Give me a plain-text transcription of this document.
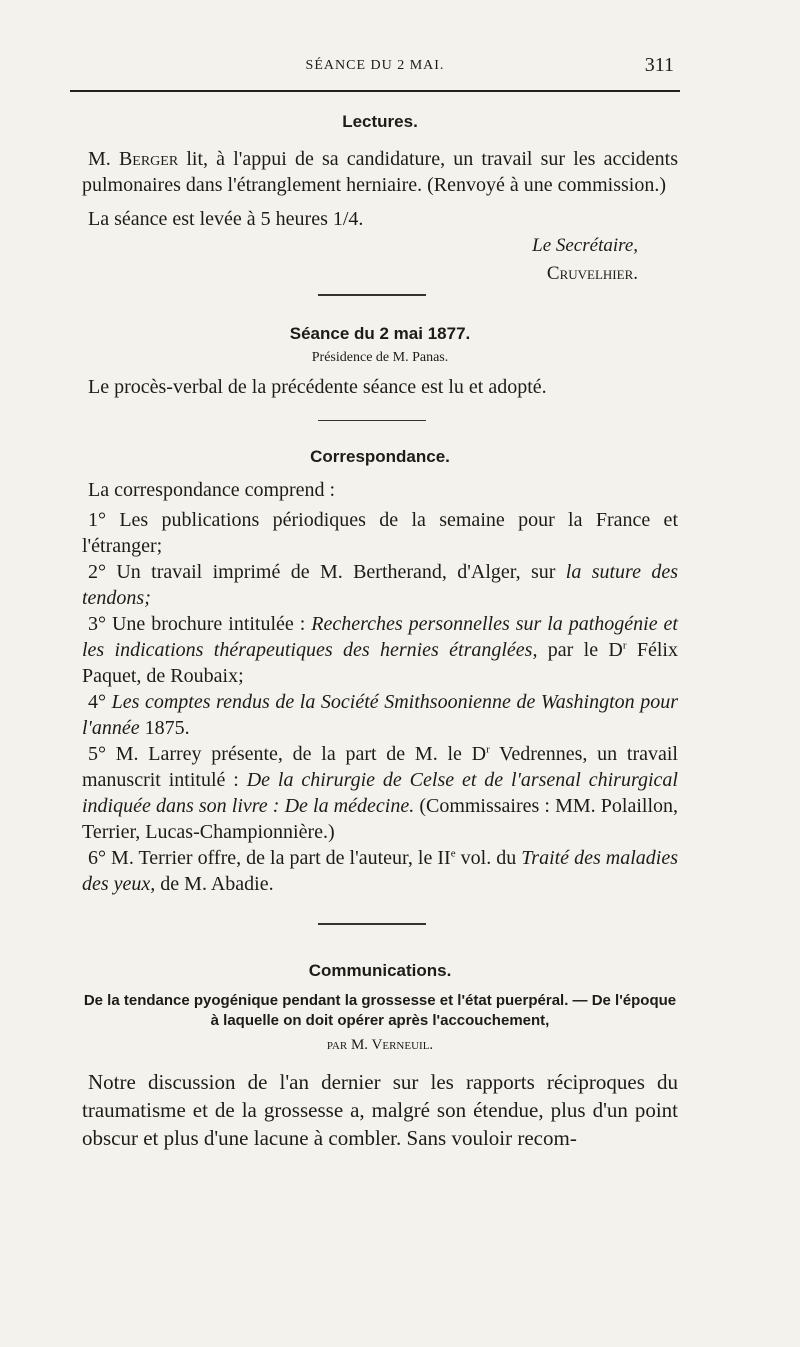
SÉANCE DU 2 MAI.	311
Lectures.

M. Berger lit, à l'appui de sa candidature, un travail sur les accidents pulmonaires dans l'étranglement herniaire. (Renvoyé à une commission.)

La séance est levée à 5 heures 1/4.

Le Secrétaire,
Cruvelhier.
Séance du 2 mai 1877.
Présidence de M. Panas.

Le procès-verbal de la précédente séance est lu et adopté.

Correspondance.

La correspondance comprend :

1° Les publications périodiques de la semaine pour la France et l'étranger;

2° Un travail imprimé de M. Bertherand, d'Alger, sur la suture des tendons;

3° Une brochure intitulée : Recherches personnelles sur la pathogénie et les indications thérapeutiques des hernies étranglées, par le $D^r$ Félix Paquet, de Roubaix;

4° Les comptes rendus de la Société Smithsoonienne de Washington pour l'année 1875.

5° M. Larrey présente, de la part de M. le $D^r$ Vedrennes, un travail manuscrit intitulé : De la chirurgie de Celse et de l'arsenal chirurgical indiquée dans son livre : De la médecine. (Commissaires : MM. Polaillon, Terrier, Lucas-Championnière.)

6° M. Terrier offre, de la part de l'auteur, le IIe vol. du Traité des maladies des yeux, de M. Abadie.

Communications.
De la tendance pyogénique pendant la grossesse et l'état puerpéral. — De l'époque à laquelle on doit opérer après l'accouchement,
par M. Verneuil.

Notre discussion de l'an dernier sur les rapports réciproques du traumatisme et de la grossesse a, malgré son étendue, plus d'un point obscur et plus d'une lacune à combler. Sans vouloir recom-
